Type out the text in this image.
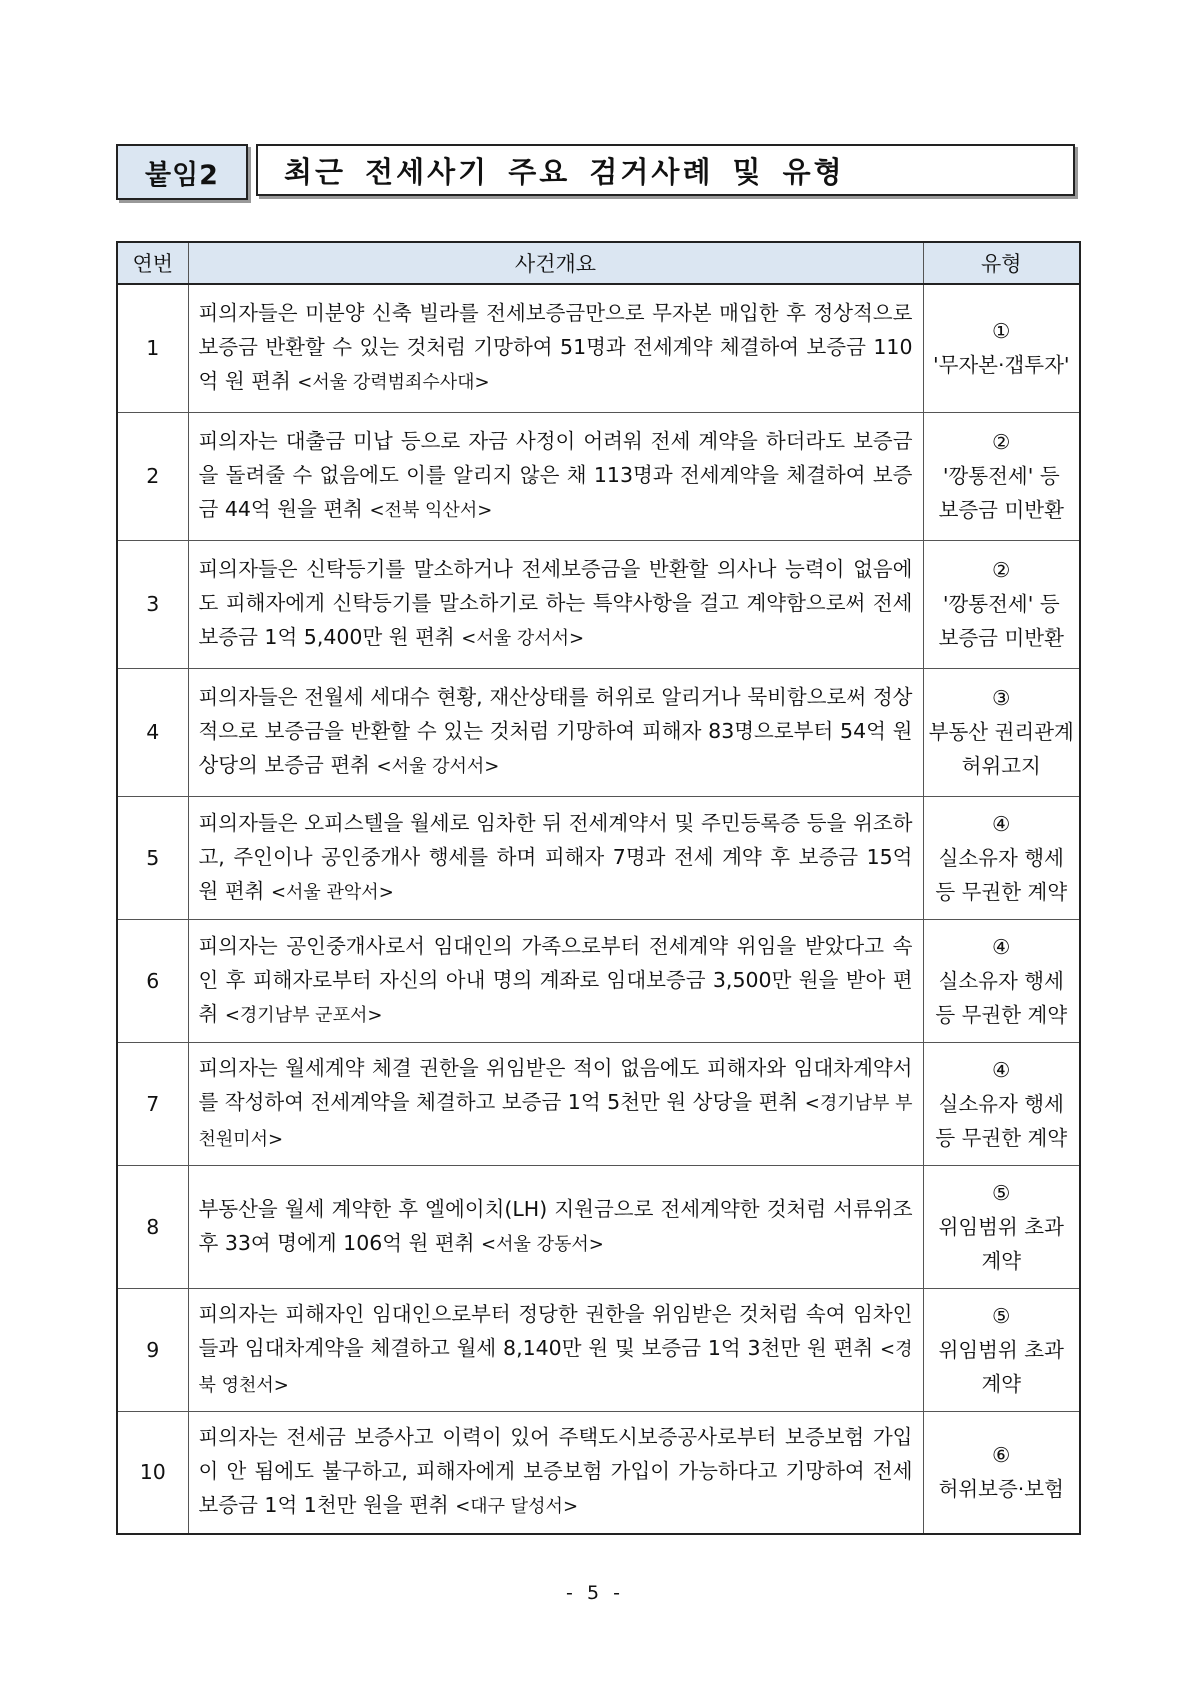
붙임2	최근 전세사기 주요 검거사례 및 유형
연번	사건개요	유형
1	피의자들은 미분양 신축 빌라를 전세보증금만으로 무자본 매입한 후 정상적으로 보증금 반환할 수 있는 것처럼 기망하여 51명과 전세계약 체결하여 보증금 110억 원 편취 <서울 강력범죄수사대>	①
'무자본·갭투자'

2	피의자는 대출금 미납 등으로 자금 사정이 어려워 전세 계약을 하더라도 보증금을 돌려줄 수 없음에도 이를 알리지 않은 채 113명과 전세계약을 체결하여 보증금 44억 원을 편취 <전북 익산서>	②
'깡통전세' 등
보증금 미반환

3	피의자들은 신탁등기를 말소하거나 전세보증금을 반환할 의사나 능력이 없음에도 피해자에게 신탁등기를 말소하기로 하는 특약사항을 걸고 계약함으로써 전세보증금 1억 5,400만 원 편취 <서울 강서서>	②
'깡통전세' 등
보증금 미반환

4	피의자들은 전월세 세대수 현황, 재산상태를 허위로 알리거나 묵비함으로써 정상적으로 보증금을 반환할 수 있는 것처럼 기망하여 피해자 83명으로부터 54억 원 상당의 보증금 편취 <서울 강서서>	③
부동산 권리관계
허위고지

5	피의자들은 오피스텔을 월세로 임차한 뒤 전세계약서 및 주민등록증 등을 위조하고, 주인이나 공인중개사 행세를 하며 피해자 7명과 전세 계약 후 보증금 15억 원 편취 <서울 관악서>	④
실소유자 행세
등 무권한 계약

6	피의자는 공인중개사로서 임대인의 가족으로부터 전세계약 위임을 받았다고 속인 후 피해자로부터 자신의 아내 명의 계좌로 임대보증금 3,500만 원을 받아 편취 <경기남부 군포서>	④
실소유자 행세
등 무권한 계약

7	피의자는 월세계약 체결 권한을 위임받은 적이 없음에도 피해자와 임대차계약서를 작성하여 전세계약을 체결하고 보증금 1억 5천만 원 상당을 편취 <경기남부 부천원미서>	④
실소유자 행세
등 무권한 계약

8	부동산을 월세 계약한 후 엘에이치(LH) 지원금으로 전세계약한 것처럼 서류위조 후 33여 명에게 106억 원 편취 <서울 강동서>	⑤
위임범위 초과
계약

9	피의자는 피해자인 임대인으로부터 정당한 권한을 위임받은 것처럼 속여 임차인들과 임대차계약을 체결하고 월세 8,140만 원 및 보증금 1억 3천만 원 편취 <경북 영천서>	⑤
위임범위 초과
계약

10	피의자는 전세금 보증사고 이력이 있어 주택도시보증공사로부터 보증보험 가입이 안 됨에도 불구하고, 피해자에게 보증보험 가입이 가능하다고 기망하여 전세보증금 1억 1천만 원을 편취 <대구 달성서>	⑥
허위보증·보험
- 5 -
